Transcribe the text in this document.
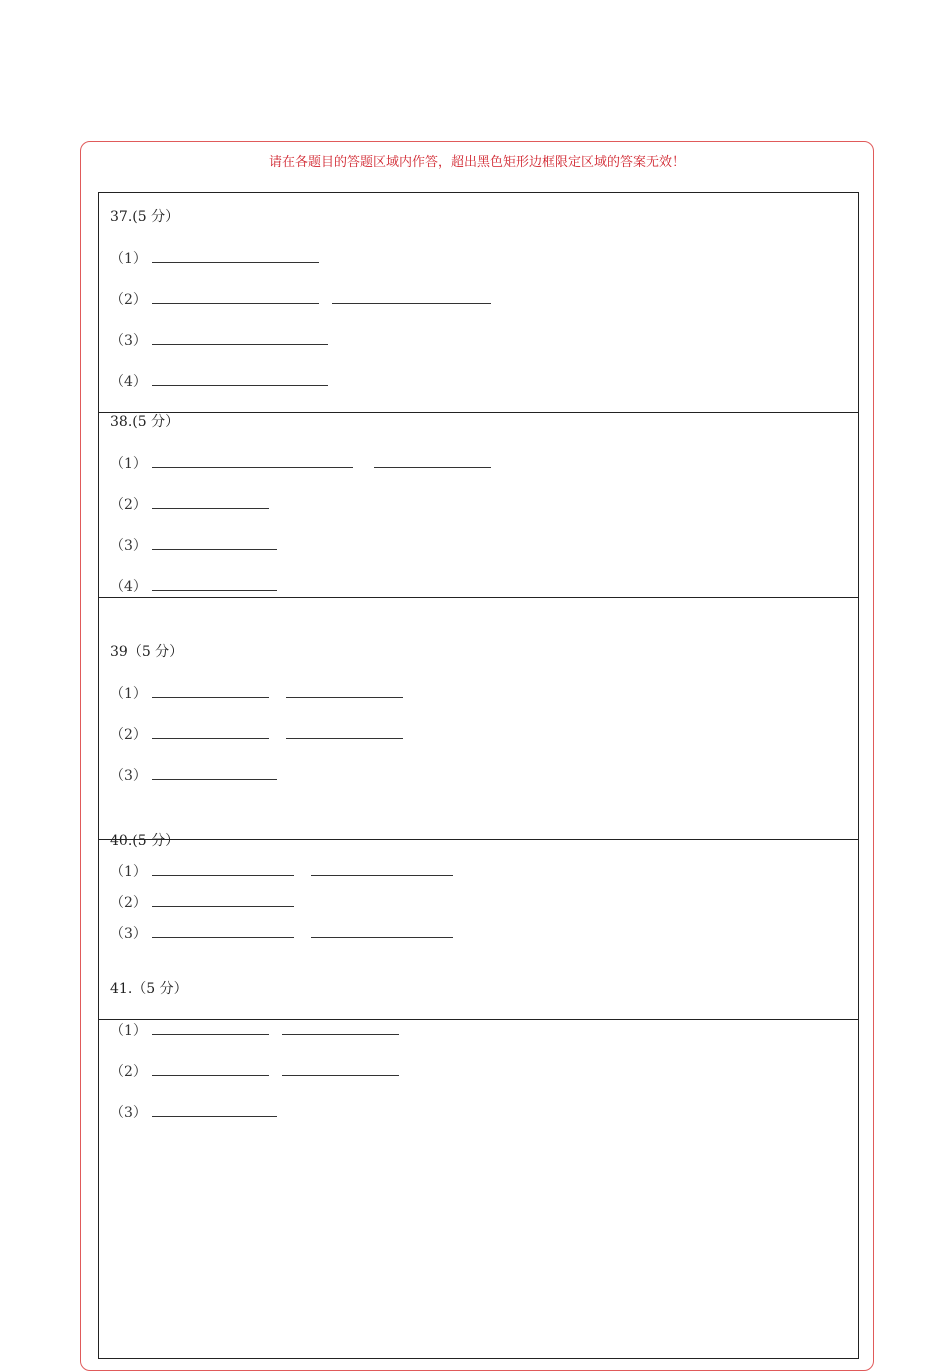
请在各题目的答题区域内作答，超出黑色矩形边框限定区域的答案无效！
37.(5 分）
（1）
（2）
（3）
（4）
38.(5 分）
（1）
（2）
（3）
（4）
39（5 分）
（1）
（2）
（3）
40.(5 分）
（1）
（2）
（3）
41.（5 分）
（1）
（2）
（3）
